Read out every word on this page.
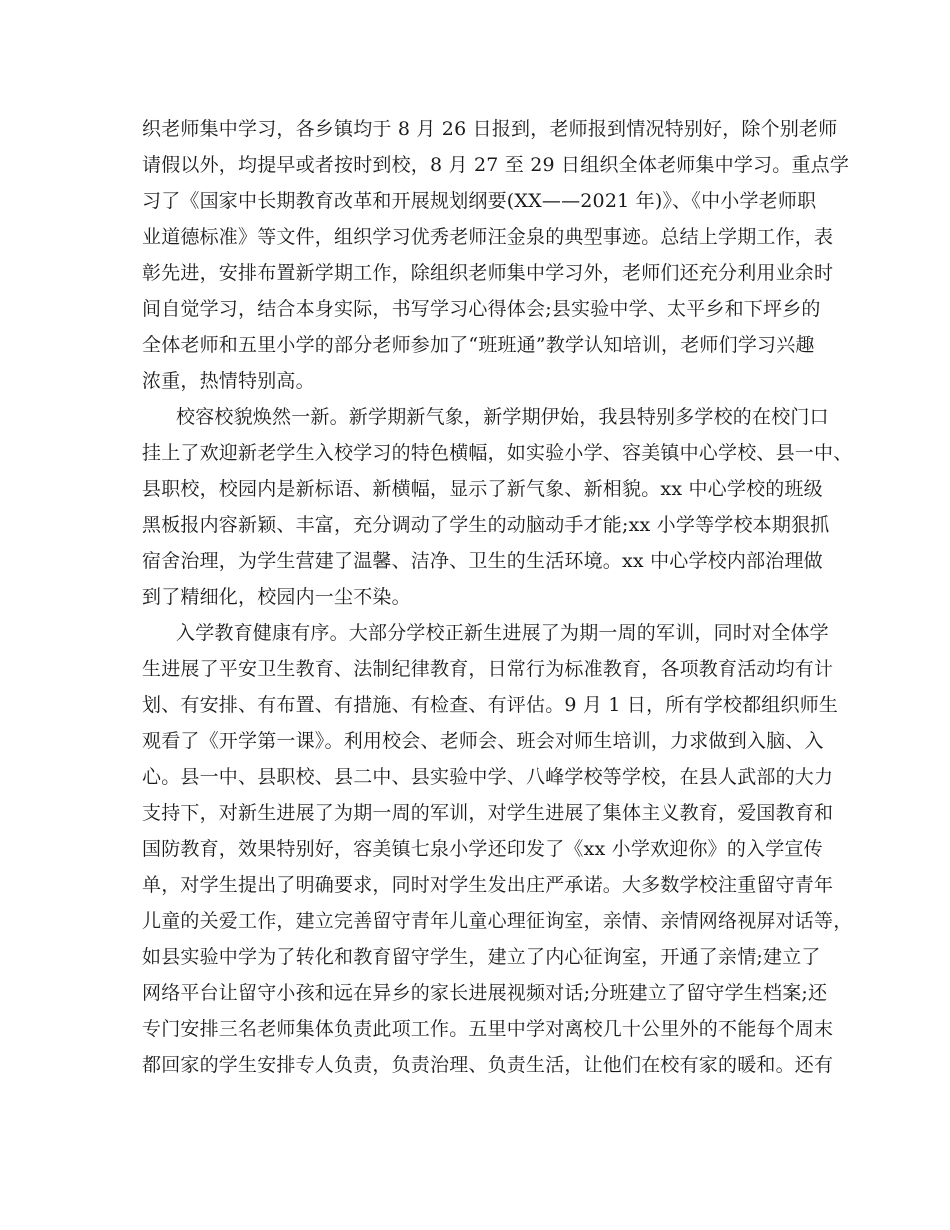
织老师集中学习，各乡镇均于 8 月 26 日报到，老师报到情况特别好，除个别老师
请假以外，均提早或者按时到校，8 月 27 至 29 日组织全体老师集中学习。重点学
习了《国家中长期教育改革和开展规划纲要(XX——2021 年)》、《中小学老师职
业道德标准》等文件，组织学习优秀老师汪金泉的典型事迹。总结上学期工作，表
彰先进，安排布置新学期工作，除组织老师集中学习外，老师们还充分利用业余时
间自觉学习，结合本身实际，书写学习心得体会;县实验中学、太平乡和下坪乡的
全体老师和五里小学的部分老师参加了“班班通”教学认知培训，老师们学习兴趣
浓重，热情特别高。
校容校貌焕然一新。新学期新气象，新学期伊始，我县特别多学校的在校门口
挂上了欢迎新老学生入校学习的特色横幅，如实验小学、容美镇中心学校、县一中、
县职校，校园内是新标语、新横幅，显示了新气象、新相貌。xx 中心学校的班级
黑板报内容新颖、丰富，充分调动了学生的动脑动手才能;xx 小学等学校本期狠抓
宿舍治理，为学生营建了温馨、洁净、卫生的生活环境。xx 中心学校内部治理做
到了精细化，校园内一尘不染。
入学教育健康有序。大部分学校正新生进展了为期一周的军训，同时对全体学
生进展了平安卫生教育、法制纪律教育，日常行为标准教育，各项教育活动均有计
划、有安排、有布置、有措施、有检查、有评估。9 月 1 日，所有学校都组织师生
观看了《开学第一课》。利用校会、老师会、班会对师生培训，力求做到入脑、入
心。县一中、县职校、县二中、县实验中学、八峰学校等学校，在县人武部的大力
支持下，对新生进展了为期一周的军训，对学生进展了集体主义教育，爱国教育和
国防教育，效果特别好，容美镇七泉小学还印发了《xx 小学欢迎你》的入学宣传
单，对学生提出了明确要求，同时对学生发出庄严承诺。大多数学校注重留守青年
儿童的关爱工作，建立完善留守青年儿童心理征询室，亲情、亲情网络视屏对话等，
如县实验中学为了转化和教育留守学生，建立了内心征询室，开通了亲情;建立了
网络平台让留守小孩和远在异乡的家长进展视频对话;分班建立了留守学生档案;还
专门安排三名老师集体负责此项工作。五里中学对离校几十公里外的不能每个周末
都回家的学生安排专人负责，负责治理、负责生活，让他们在校有家的暖和。还有
